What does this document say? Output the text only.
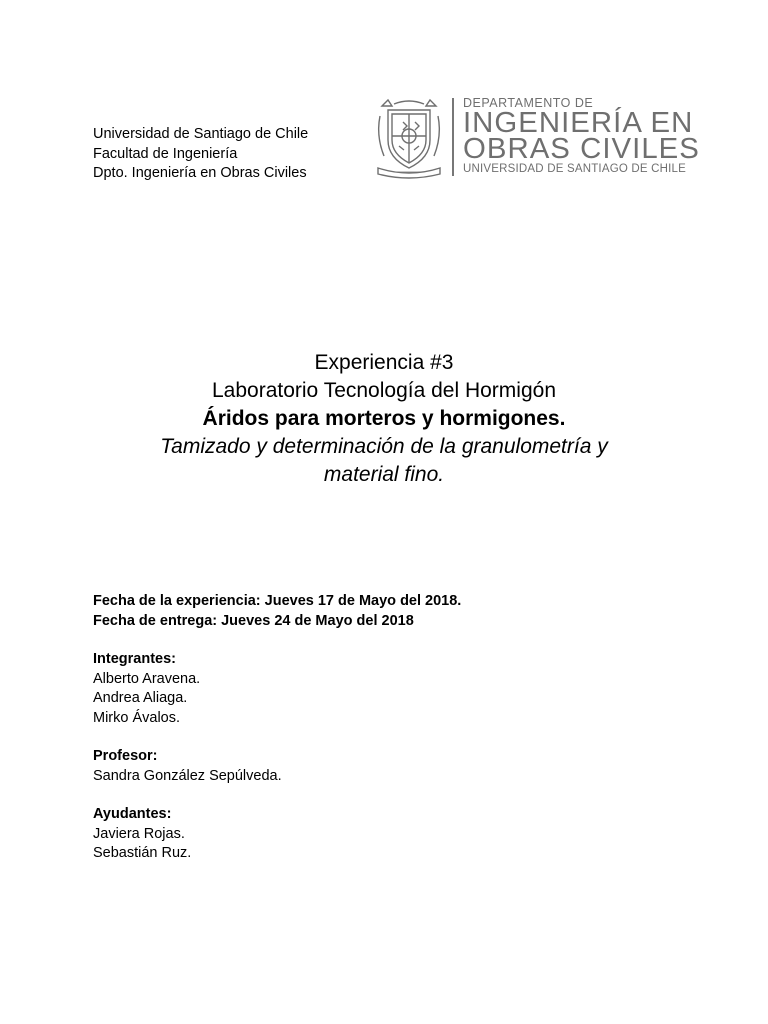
Universidad de Santiago de Chile
Facultad de Ingeniería
Dpto. Ingeniería en Obras Civiles
DEPARTAMENTO DE
INGENIERÍA EN
OBRAS CIVILES
UNIVERSIDAD DE SANTIAGO DE CHILE
Experiencia #3
Laboratorio Tecnología del Hormigón
Áridos para morteros y hormigones.
Tamizado y determinación de la granulometría y
material fino.
Fecha de la experiencia: Jueves 17 de Mayo del 2018.
Fecha de entrega: Jueves 24 de Mayo del 2018
Integrantes:
Alberto Aravena.
Andrea Aliaga.
Mirko Ávalos.
Profesor:
Sandra González Sepúlveda.
Ayudantes:
Javiera Rojas.
Sebastián Ruz.
